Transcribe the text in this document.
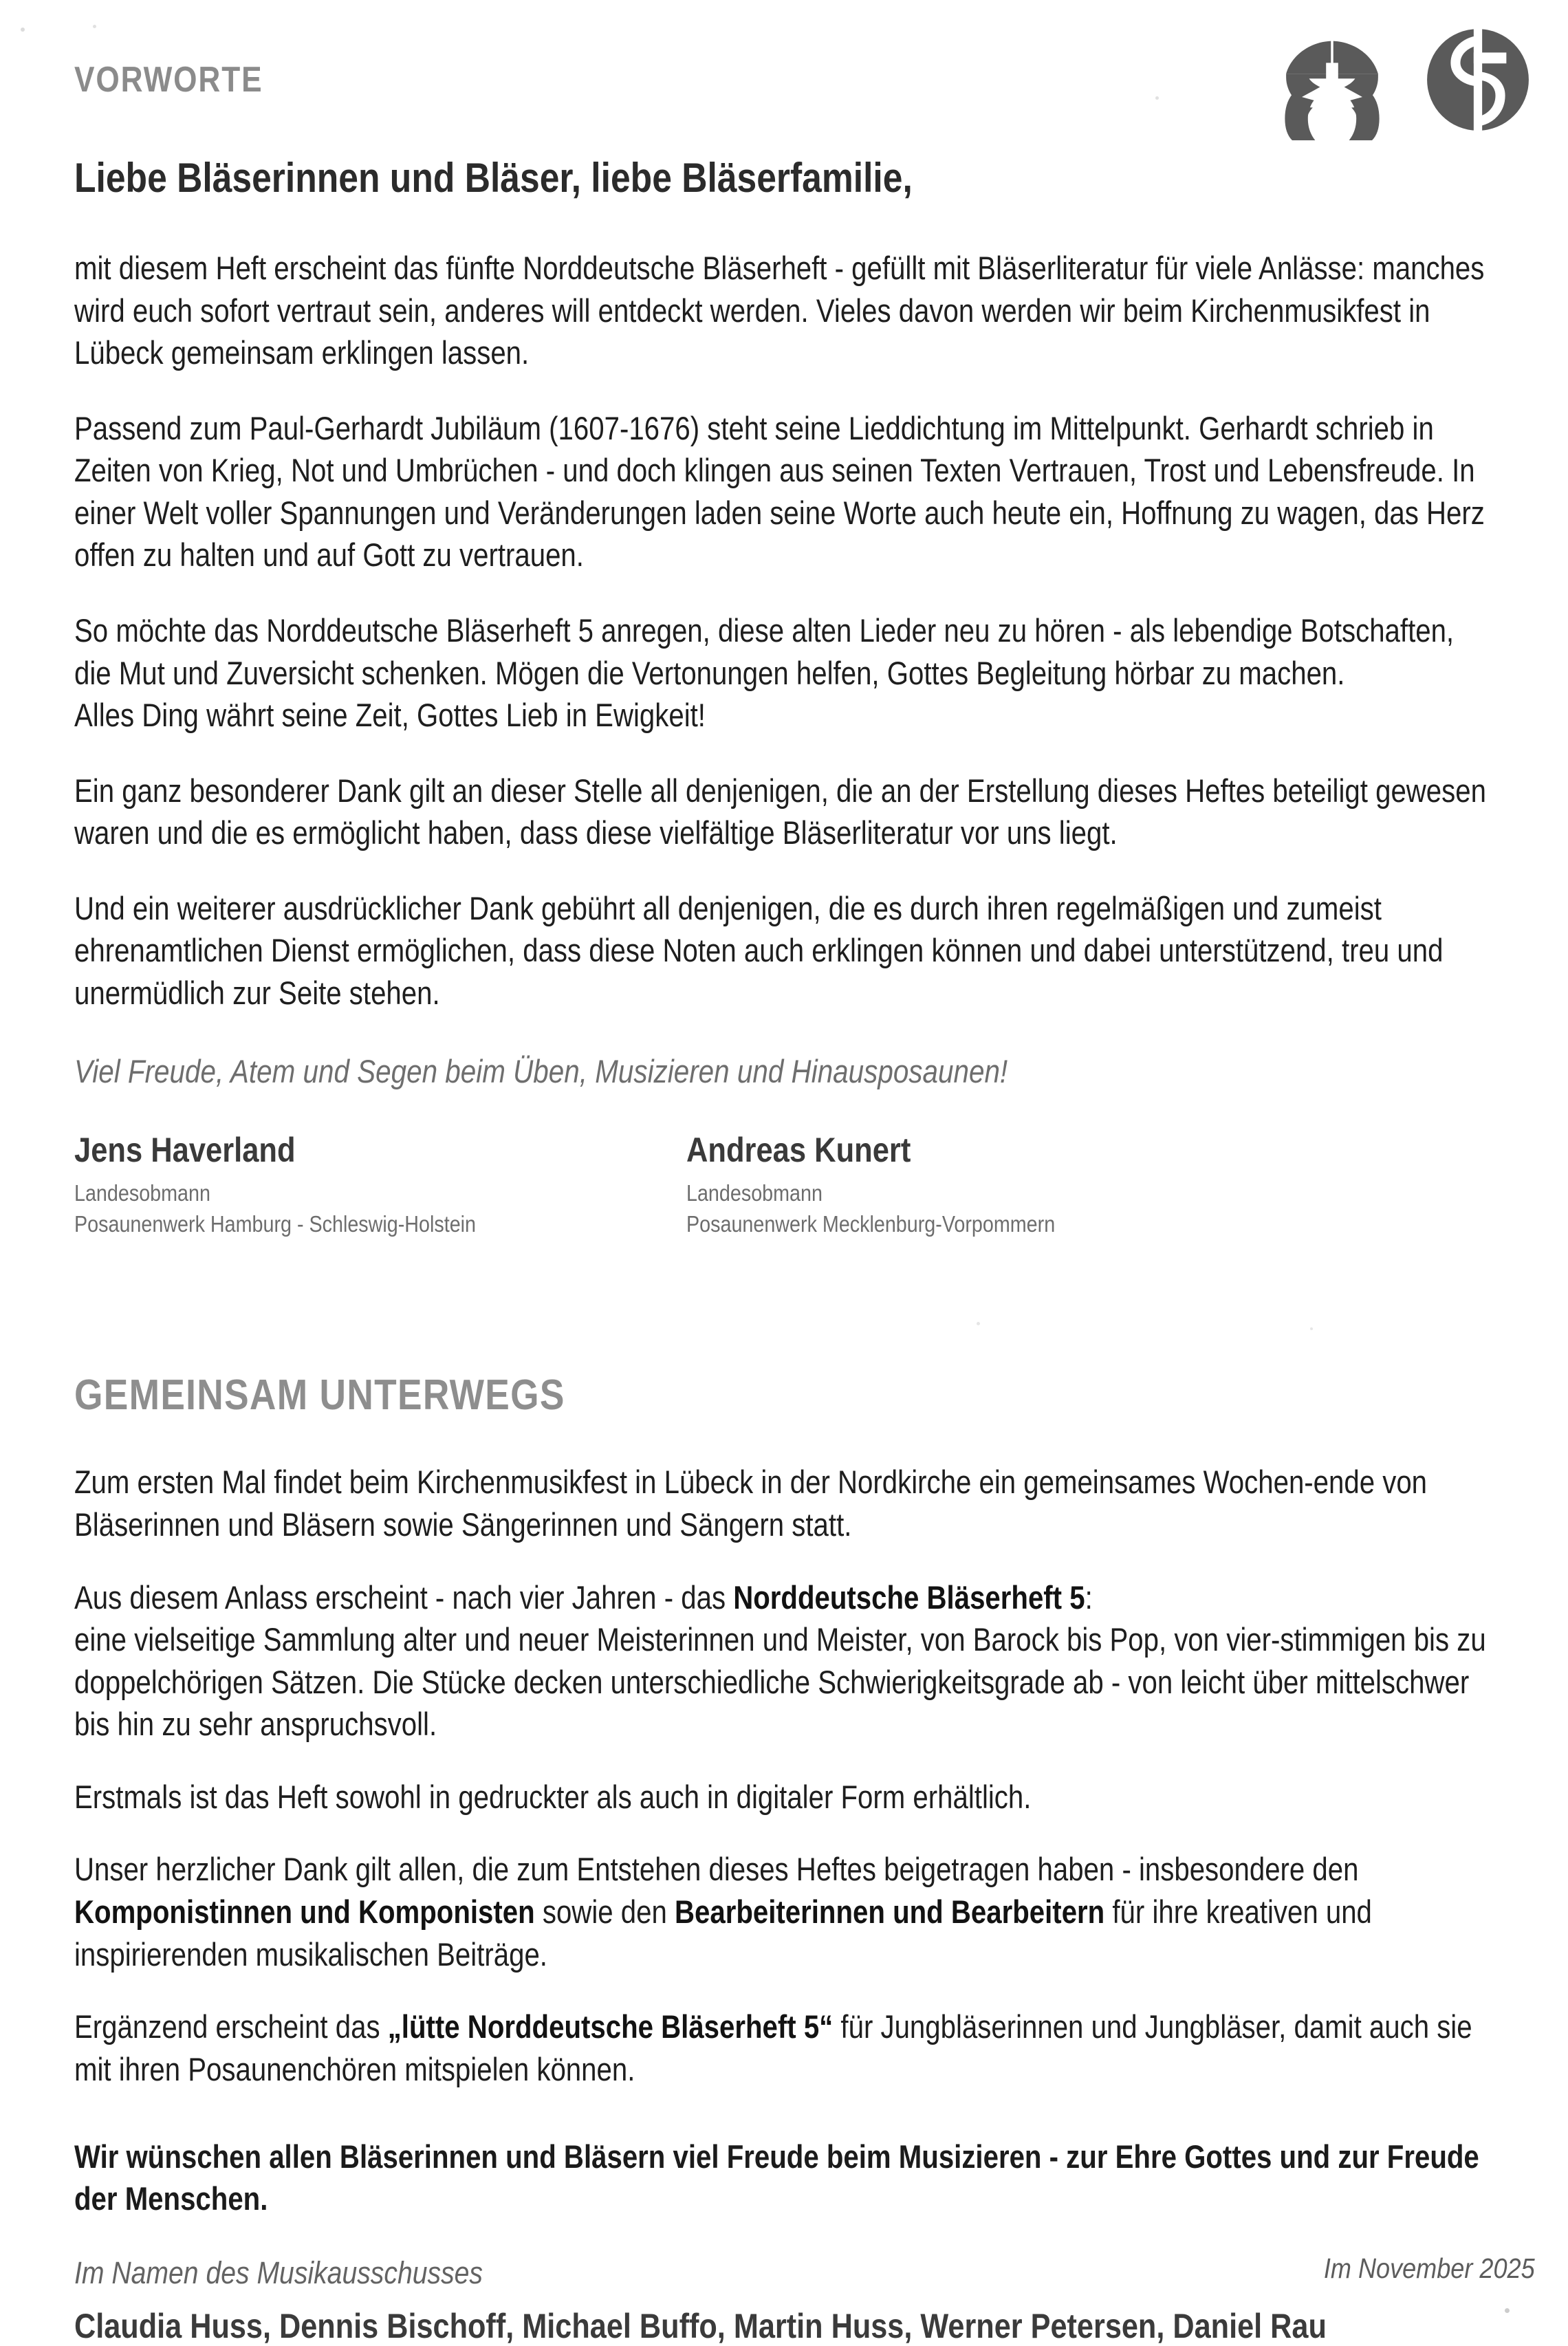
VORWORTE
Liebe Bläserinnen und Bläser, liebe Bläserfamilie,

mit diesem Heft erscheint das fünfte Norddeutsche Bläserheft - gefüllt mit Bläserliteratur für viele Anlässe: manches wird euch sofort vertraut sein, anderes will entdeckt werden. Vieles davon werden wir beim Kirchenmusikfest in Lübeck gemeinsam erklingen lassen.

Passend zum Paul-Gerhardt Jubiläum (1607-1676) steht seine Lieddichtung im Mittelpunkt. Gerhardt schrieb in Zeiten von Krieg, Not und Umbrüchen - und doch klingen aus seinen Texten Vertrauen, Trost und Lebensfreude. In einer Welt voller Spannungen und Veränderungen laden seine Worte auch heute ein, Hoffnung zu wagen, das Herz offen zu halten und auf Gott zu vertrauen.

So möchte das Norddeutsche Bläserheft 5 anregen, diese alten Lieder neu zu hören - als lebendige Botschaften, die Mut und Zuversicht schenken. Mögen die Vertonungen helfen, Gottes Begleitung hörbar zu machen.
Alles Ding währt seine Zeit, Gottes Lieb in Ewigkeit!

Ein ganz besonderer Dank gilt an dieser Stelle all denjenigen, die an der Erstellung dieses Heftes beteiligt gewesen waren und die es ermöglicht haben, dass diese vielfältige Bläserliteratur vor uns liegt.

Und ein weiterer ausdrücklicher Dank gebührt all denjenigen, die es durch ihren regelmäßigen und zumeist ehrenamtlichen Dienst ermöglichen, dass diese Noten auch erklingen können und dabei unterstützend, treu und unermüdlich zur Seite stehen.

Viel Freude, Atem und Segen beim Üben, Musizieren und Hinausposaunen!
Jens Haverland
Landesobmann
Posaunenwerk Hamburg - Schleswig-Holstein
Andreas Kunert
Landesobmann
Posaunenwerk Mecklenburg-Vorpommern
GEMEINSAM UNTERWEGS

Zum ersten Mal findet beim Kirchenmusikfest in Lübeck in der Nordkirche ein gemeinsames Wochen-ende von Bläserinnen und Bläsern sowie Sängerinnen und Sängern statt.

Aus diesem Anlass erscheint - nach vier Jahren - das Norddeutsche Bläserheft 5:
eine vielseitige Sammlung alter und neuer Meisterinnen und Meister, von Barock bis Pop, von vier-stimmigen bis zu doppelchörigen Sätzen. Die Stücke decken unterschiedliche Schwierigkeitsgrade ab - von leicht über mittelschwer bis hin zu sehr anspruchsvoll.

Erstmals ist das Heft sowohl in gedruckter als auch in digitaler Form erhältlich.

Unser herzlicher Dank gilt allen, die zum Entstehen dieses Heftes beigetragen haben - insbesondere den Komponistinnen und Komponisten sowie den Bearbeiterinnen und Bearbeitern für ihre kreativen und inspirierenden musikalischen Beiträge.

Ergänzend erscheint das „lütte Norddeutsche Bläserheft 5“ für Jungbläserinnen und Jungbläser, damit auch sie mit ihren Posaunenchören mitspielen können.

Wir wünschen allen Bläserinnen und Bläsern viel Freude beim Musizieren - zur Ehre Gottes und zur Freude der Menschen.
Im Namen des Musikausschusses
Claudia Huss, Dennis Bischoff, Michael Buffo, Martin Huss, Werner Petersen, Daniel Rau
Im November 2025
